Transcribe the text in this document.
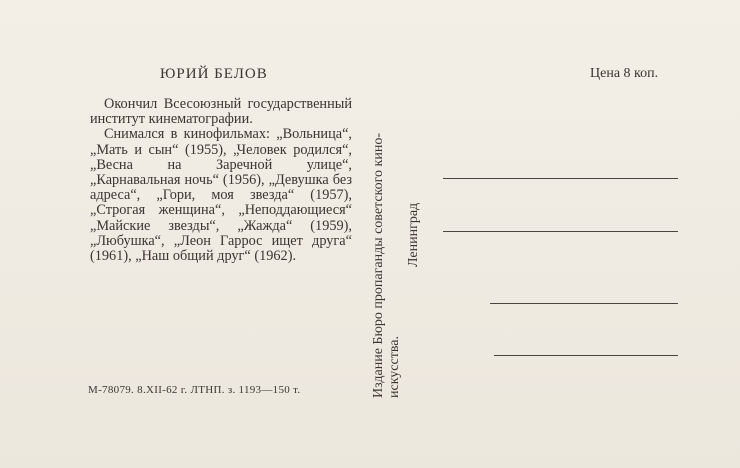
ЮРИЙ БЕЛОВ

Окончил Всесоюзный государственный институт кинематографии.

Снимался в кинофильмах: „Вольница“, „Мать и сын“ (1955), „Человек родился“, „Весна на Заречной улице“, „Карнавальная ночь“ (1956), „Девушка без адреса“, „Гори, моя звезда“ (1957), „Строгая женщина“, „Неподдающиеся“ „Майские звезды“, „Жажда“ (1959), „Любушка“, „Леон Гаррос ищет друга“ (1961), „Наш общий друг“ (1962).

М-78079. 8.XII-62 г. ЛТНП. з. 1193—150 т.	Издание Бюро пропаганды советского кино- искусства.
Ленинград
Цена 8 коп.
